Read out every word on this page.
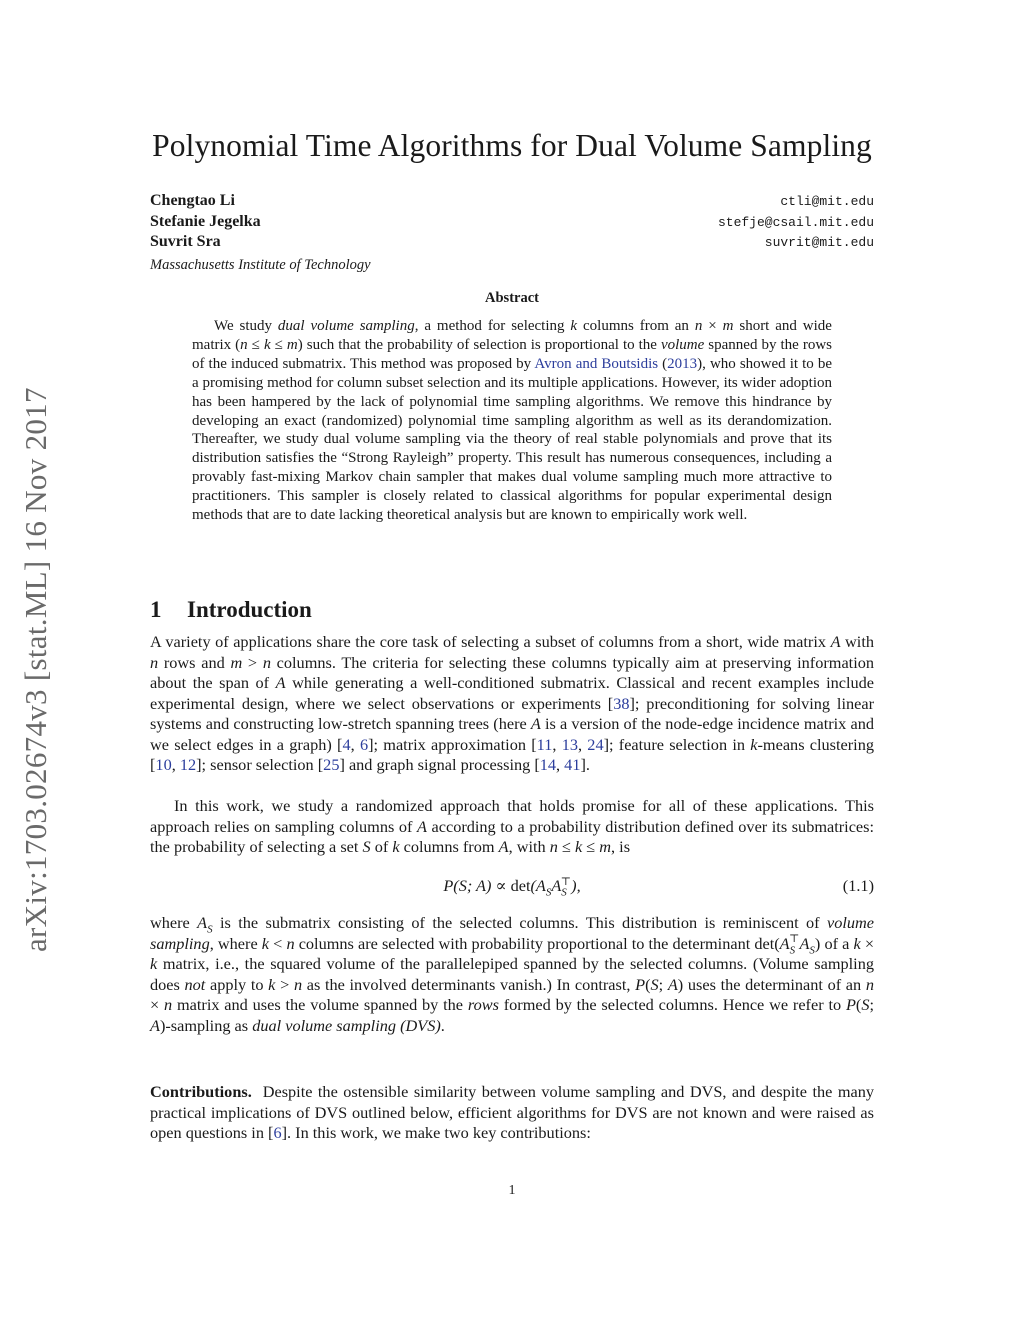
arXiv:1703.02674v3 [stat.ML] 16 Nov 2017
Polynomial Time Algorithms for Dual Volume Sampling
Chengtao Li	ctli@mit.edu
Stefanie Jegelka	stefje@csail.mit.edu
Suvrit Sra	suvrit@mit.edu
Massachusetts Institute of Technology
Abstract
We study dual volume sampling, a method for selecting k columns from an n × m short and wide matrix (n ≤ k ≤ m) such that the probability of selection is proportional to the volume spanned by the rows of the induced submatrix. This method was proposed by Avron and Boutsidis (2013), who showed it to be a promising method for column subset selection and its multiple applications. However, its wider adoption has been hampered by the lack of polynomial time sampling algorithms. We remove this hindrance by developing an exact (randomized) polynomial time sampling algorithm as well as its derandomization. Thereafter, we study dual volume sampling via the theory of real stable polynomials and prove that its distribution satisfies the “Strong Rayleigh” property. This result has numerous consequences, including a provably fast-mixing Markov chain sampler that makes dual volume sampling much more attractive to practitioners. This sampler is closely related to classical algorithms for popular experimental design methods that are to date lacking theoretical analysis but are known to empirically work well.
1 Introduction
A variety of applications share the core task of selecting a subset of columns from a short, wide matrix A with n rows and m > n columns. The criteria for selecting these columns typically aim at preserving information about the span of A while generating a well-conditioned submatrix. Classical and recent examples include experimental design, where we select observations or experiments [38]; preconditioning for solving linear systems and constructing low-stretch spanning trees (here A is a version of the node-edge incidence matrix and we select edges in a graph) [4, 6]; matrix approximation [11, 13, 24]; feature selection in k-means clustering [10, 12]; sensor selection [25] and graph signal processing [14, 41].
In this work, we study a randomized approach that holds promise for all of these applications. This approach relies on sampling columns of A according to a probability distribution defined over its submatrices: the probability of selecting a set S of k columns from A, with n ≤ k ≤ m, is
P(S; $A) \propto \det(A_SA_S^⊤)$,	(1.1)
where $A_S$ is the submatrix consisting of the selected columns. This distribution is reminiscent of volume sampling, where k < n columns are selected with probability proportional to the determinant $\det(A_S^⊤A_S)$ of a k × k matrix, i.e., the squared volume of the parallelepiped spanned by the selected columns. (Volume sampling does not apply to k > n as the involved determinants vanish.) In contrast, P(S; A) uses the determinant of an n × n matrix and uses the volume spanned by the rows formed by the selected columns. Hence we refer to P(S; A)-sampling as dual volume sampling (DVS).
Contributions. Despite the ostensible similarity between volume sampling and DVS, and despite the many practical implications of DVS outlined below, efficient algorithms for DVS are not known and were raised as open questions in [6]. In this work, we make two key contributions:
1
